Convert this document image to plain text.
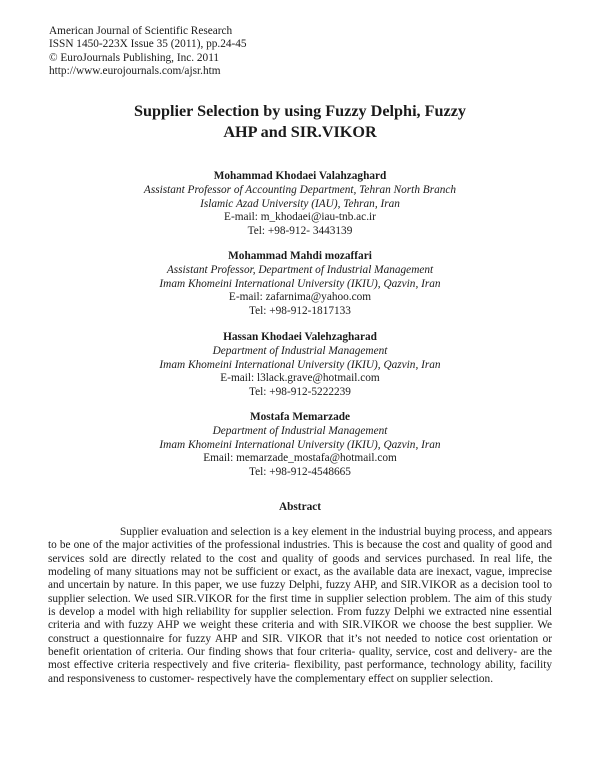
American Journal of Scientific Research
ISSN 1450-223X Issue 35 (2011), pp.24-45
© EuroJournals Publishing, Inc. 2011
http://www.eurojournals.com/ajsr.htm
Supplier Selection by using Fuzzy Delphi, Fuzzy
AHP and SIR.VIKOR
Mohammad Khodaei Valahzaghard
Assistant Professor of Accounting Department, Tehran North Branch
Islamic Azad University (IAU), Tehran, Iran
E-mail: m_khodaei@iau-tnb.ac.ir
Tel: +98-912- 3443139
Mohammad Mahdi mozaffari
Assistant Professor, Department of Industrial Management
Imam Khomeini International University (IKIU), Qazvin, Iran
E-mail: zafarnima@yahoo.com
Tel: +98-912-1817133
Hassan Khodaei Valehzagharad
Department of Industrial Management
Imam Khomeini International University (IKIU), Qazvin, Iran
E-mail: l3lack.grave@hotmail.com
Tel: +98-912-5222239
Mostafa Memarzade
Department of Industrial Management
Imam Khomeini International University (IKIU), Qazvin, Iran
Email: memarzade_mostafa@hotmail.com
Tel: +98-912-4548665
Abstract
Supplier evaluation and selection is a key element in the industrial buying process, and appears to be one of the major activities of the professional industries. This is because the cost and quality of good and services sold are directly related to the cost and quality of goods and services purchased. In real life, the modeling of many situations may not be sufficient or exact, as the available data are inexact, vague, imprecise and uncertain by nature. In this paper, we use fuzzy Delphi, fuzzy AHP, and SIR.VIKOR as a decision tool to supplier selection. We used SIR.VIKOR for the first time in supplier selection problem. The aim of this study is develop a model with high reliability for supplier selection. From fuzzy Delphi we extracted nine essential criteria and with fuzzy AHP we weight these criteria and with SIR.VIKOR we choose the best supplier. We construct a questionnaire for fuzzy AHP and SIR. VIKOR that it’s not needed to notice cost orientation or benefit orientation of criteria. Our finding shows that four criteria- quality, service, cost and delivery- are the most effective criteria respectively and five criteria- flexibility, past performance, technology ability, facility and responsiveness to customer- respectively have the complementary effect on supplier selection.
